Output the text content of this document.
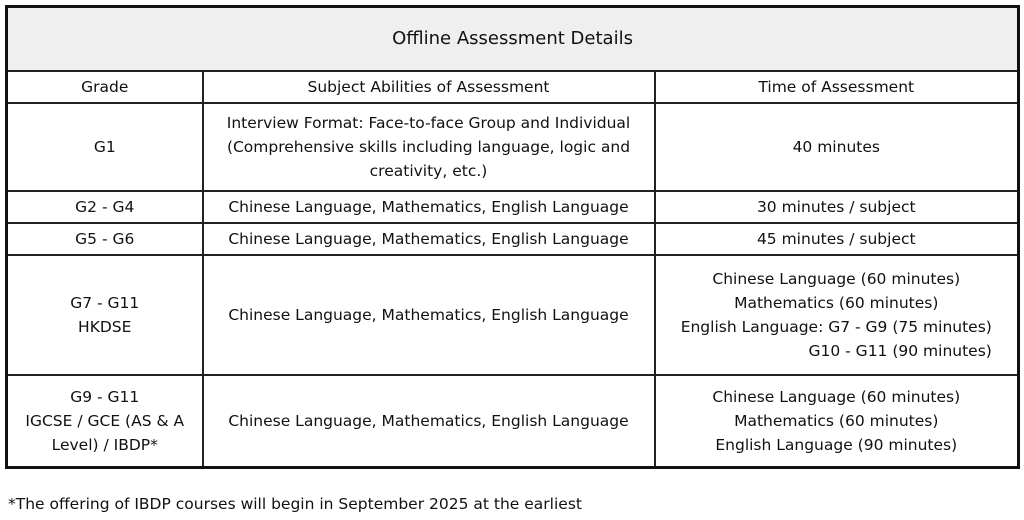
Offline Assessment Details		
Grade	Subject Abilities of Assessment	Time of Assessment

G1	Interview Format: Face-to-face Group and Individual
(Comprehensive skills including language, logic and
creativity, etc.)	40 minutes

G2 - G4	Chinese Language, Mathematics, English Language	30 minutes / subject

G5 - G6	Chinese Language, Mathematics, English Language	45 minutes / subject

G7 - G11
HKDSE	Chinese Language, Mathematics, English Language	Chinese Language (60 minutes)
Mathematics (60 minutes)
English Language: G7 - G9 (75 minutes)
G10 - G11 (90 minutes)

G9 - G11
IGCSE / GCE (AS & A
Level) / IBDP*	Chinese Language, Mathematics, English Language	Chinese Language (60 minutes)
Mathematics (60 minutes)
English Language (90 minutes)
*The offering of IBDP courses will begin in September 2025 at the earliest
